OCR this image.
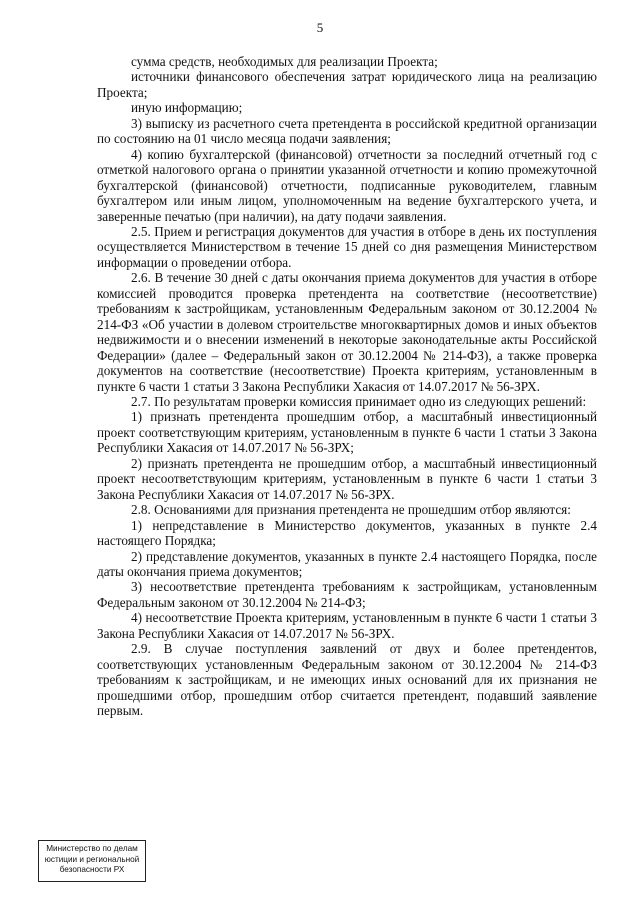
5

сумма средств, необходимых для реализации Проекта;

источники финансового обеспечения затрат юридического лица на реализацию Проекта;

иную информацию;

3) выписку из расчетного счета претендента в российской кредитной организации по состоянию на 01 число месяца подачи заявления;

4) копию бухгалтерской (финансовой) отчетности за последний отчетный год с отметкой налогового органа о принятии указанной отчетности и копию промежуточной бухгалтерской (финансовой) отчетности, подписанные руководителем, главным бухгалтером или иным лицом, уполномоченным на ведение бухгалтерского учета, и заверенные печатью (при наличии), на дату подачи заявления.

2.5. Прием и регистрация документов для участия в отборе в день их поступления осуществляется Министерством в течение 15 дней со дня размещения Министерством информации о проведении отбора.

2.6. В течение 30 дней с даты окончания приема документов для участия в отборе комиссией проводится проверка претендента на соответствие (несоответствие) требованиям к застройщикам, установленным Федеральным законом от 30.12.2004 № 214-ФЗ «Об участии в долевом строительстве многоквартирных домов и иных объектов недвижимости и о внесении изменений в некоторые законодательные акты Российской Федерации» (далее – Федеральный закон от 30.12.2004 № 214-ФЗ), а также проверка документов на соответствие (несоответствие) Проекта критериям, установленным в пункте 6 части 1 статьи 3 Закона Республики Хакасия от 14.07.2017 № 56-ЗРХ.

2.7. По результатам проверки комиссия принимает одно из следующих решений:

1) признать претендента прошедшим отбор, а масштабный инвестиционный проект соответствующим критериям, установленным в пункте 6 части 1 статьи 3 Закона Республики Хакасия от 14.07.2017 № 56-ЗРХ;

2) признать претендента не прошедшим отбор, а масштабный инвестиционный проект несоответствующим критериям, установленным в пункте 6 части 1 статьи 3 Закона Республики Хакасия от 14.07.2017 № 56-ЗРХ.

2.8. Основаниями для признания претендента не прошедшим отбор являются:

1) непредставление в Министерство документов, указанных в пункте 2.4 настоящего Порядка;

2) представление документов, указанных в пункте 2.4 настоящего Порядка, после даты окончания приема документов;

3) несоответствие претендента требованиям к застройщикам, установленным Федеральным законом от 30.12.2004 № 214-ФЗ;

4) несоответствие Проекта критериям, установленным в пункте 6 части 1 статьи 3 Закона Республики Хакасия от 14.07.2017 № 56-ЗРХ.

2.9. В случае поступления заявлений от двух и более претендентов, соответствующих установленным Федеральным законом от 30.12.2004 № 214-ФЗ требованиям к застройщикам, и не имеющих иных оснований для их признания не прошедшими отбор, прошедшим отбор считается претендент, подавший заявление первым.

Министерство по делам
юстиции и региональной
безопасности РХ
